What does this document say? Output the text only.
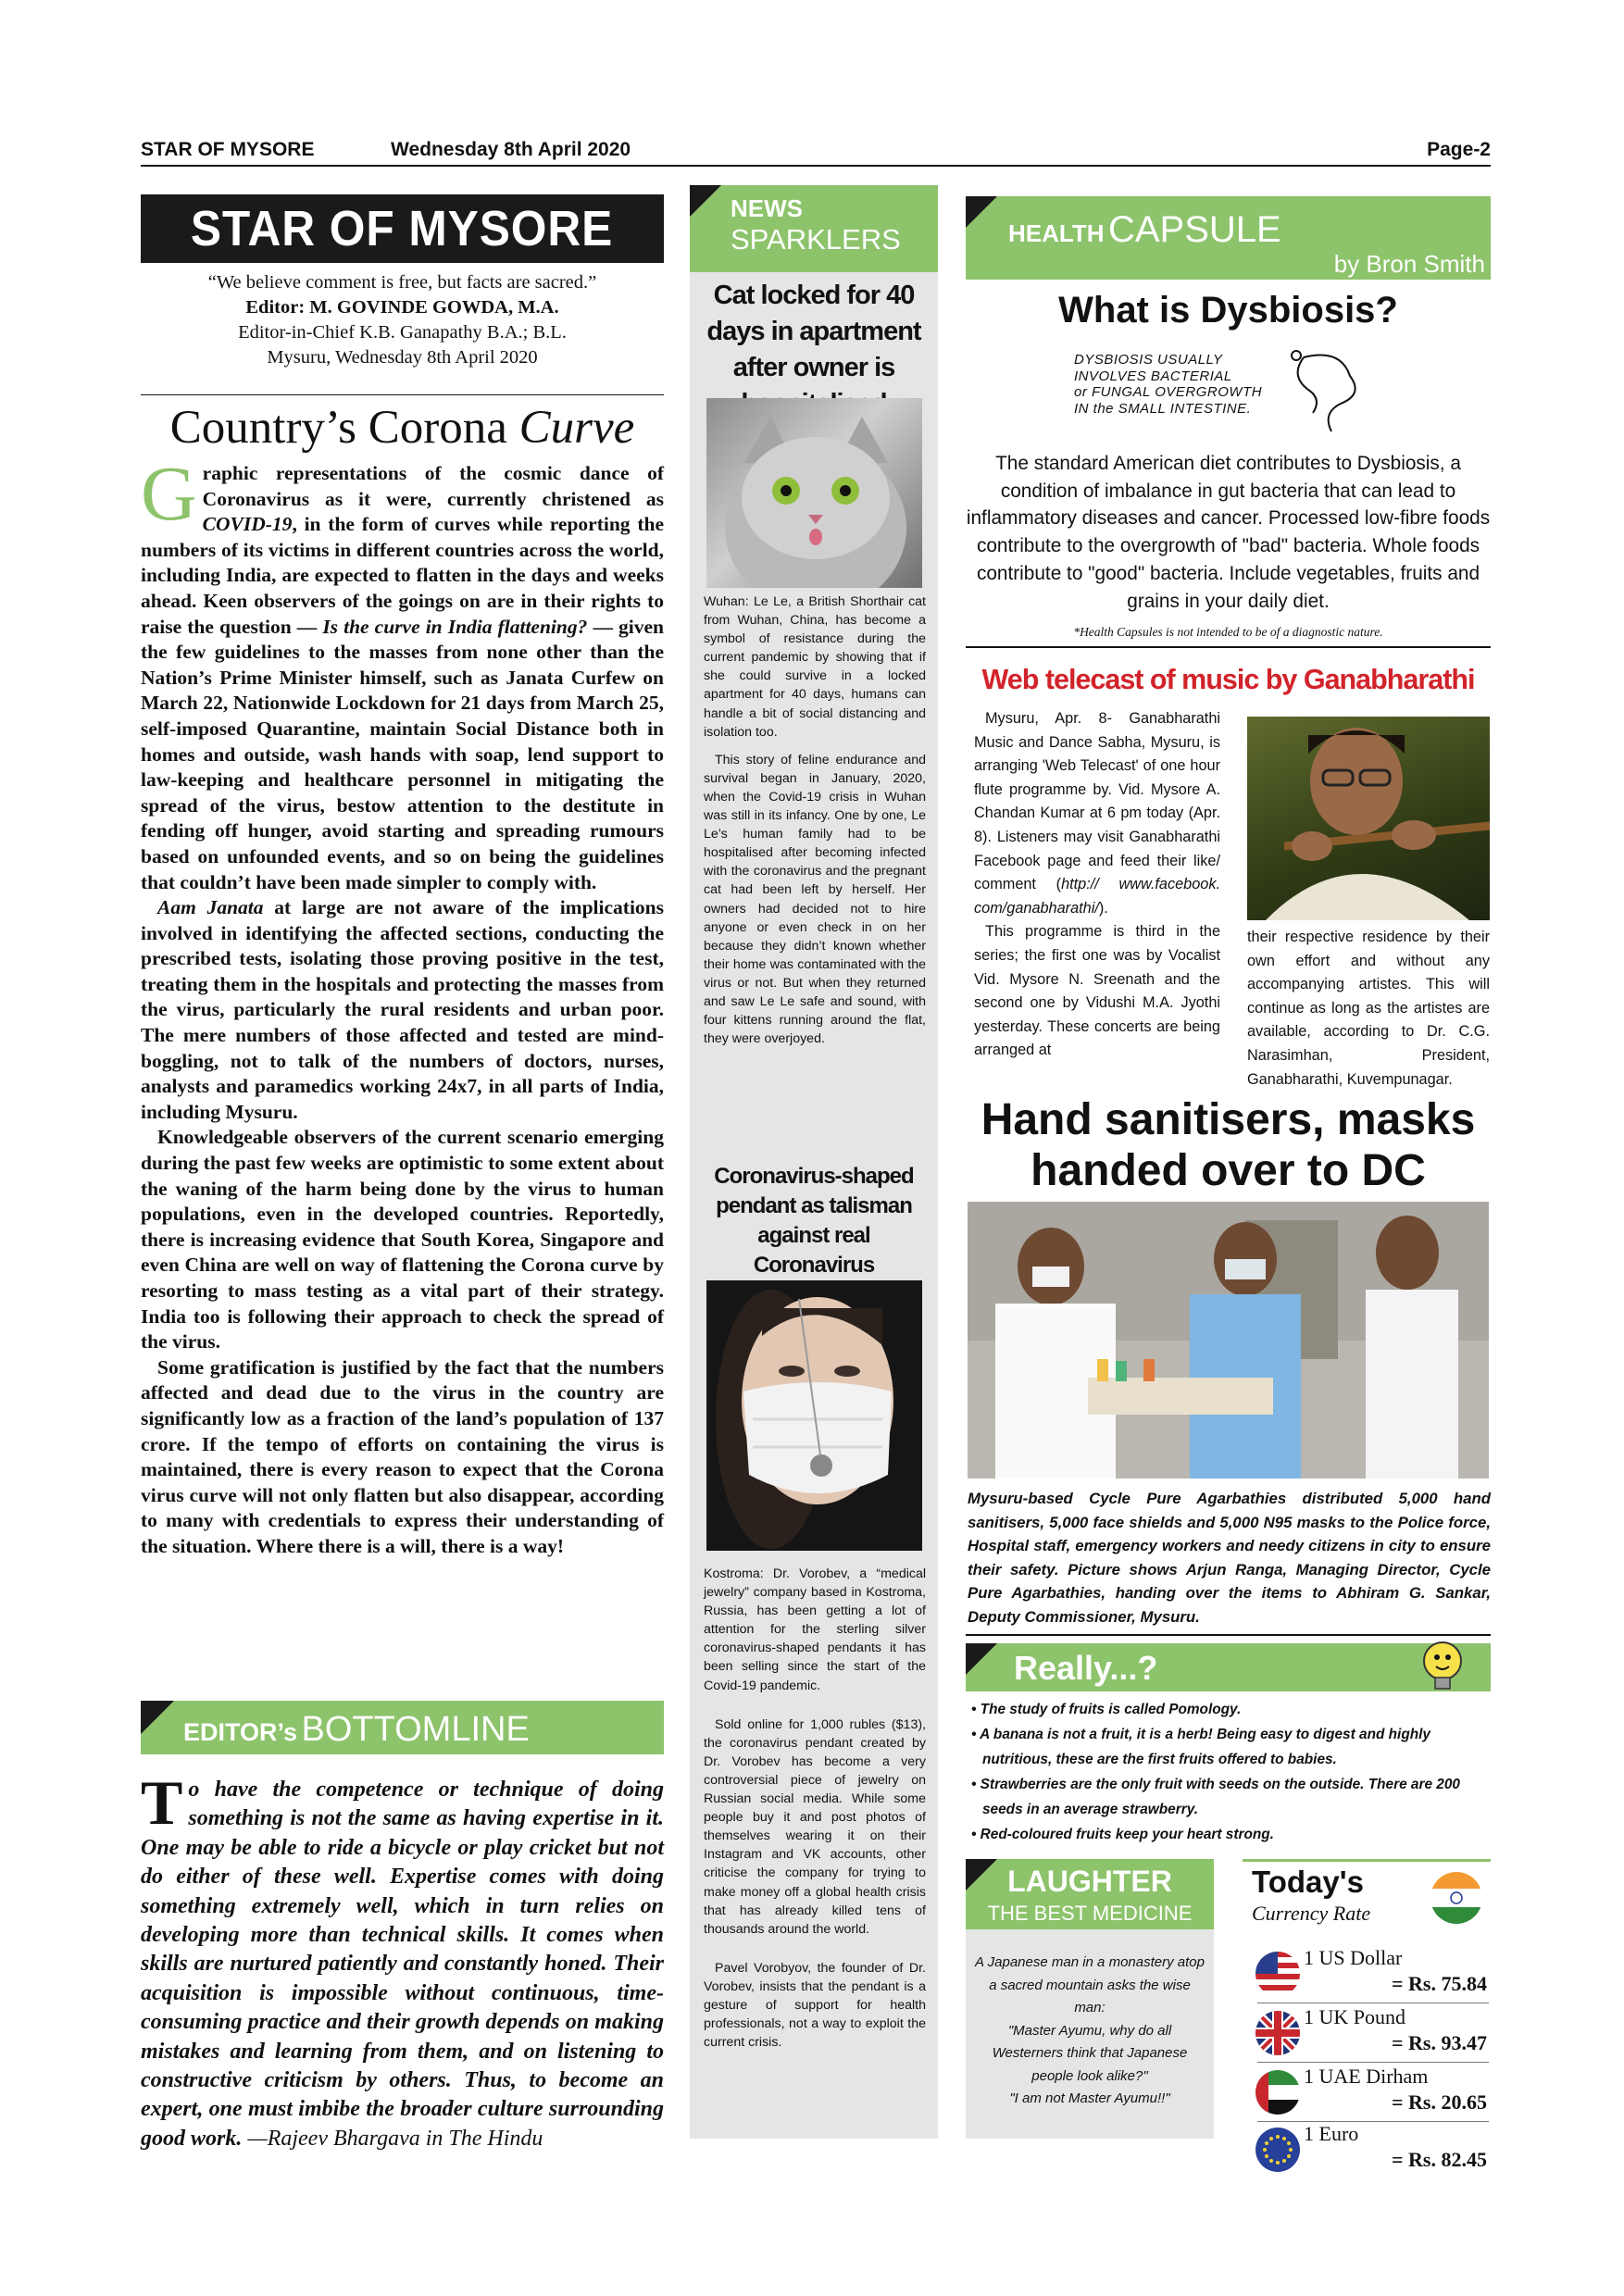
STAR OF MYSORE	Wednesday 8th April 2020	Page-2
STAR OF MYSORE
“We believe comment is free, but facts are sacred.”
Editor: M. GOVINDE GOWDA, M.A.
Editor-in-Chief K.B. Ganapathy B.A.; B.L.
Mysuru, Wednesday 8th April 2020
Country’s Corona Curve

Graphic representations of the cosmic dance of Coronavirus as it were, currently christened as COVID-19, in the form of curves while reporting the numbers of its victims in different countries across the world, including India, are expected to flatten in the days and weeks ahead. Keen observers of the goings on are in their rights to raise the question — Is the curve in India flattening? — given the few guidelines to the masses from none other than the Nation’s Prime Minister himself, such as Janata Curfew on March 22, Nationwide Lockdown for 21 days from March 25, self-imposed Quarantine, maintain Social Distance both in homes and outside, wash hands with soap, lend support to law-keeping and healthcare personnel in mitigating the spread of the virus, bestow attention to the destitute in fending off hunger, avoid starting and spreading rumours based on unfounded events, and so on being the guidelines that couldn’t have been made simpler to comply with.

Aam Janata at large are not aware of the implications involved in identifying the affected sections, conducting the prescribed tests, isolating those proving positive in the test, treating them in the hospitals and protecting the masses from the virus, particularly the rural residents and urban poor. The mere numbers of those affected and tested are mind-boggling, not to talk of the numbers of doctors, nurses, analysts and paramedics working 24x7, in all parts of India, including Mysuru.

Knowledgeable observers of the current scenario emerging during the past few weeks are optimistic to some extent about the waning of the harm being done by the virus to human populations, even in the developed countries. Reportedly, there is increasing evidence that South Korea, Singapore and even China are well on way of flattening the Corona curve by resorting to mass testing as a vital part of their strategy. India too is following their approach to check the spread of the virus.

Some gratification is justified by the fact that the numbers affected and dead due to the virus in the country are significantly low as a fraction of the land’s population of 137 crore. If the tempo of efforts on containing the virus is maintained, there is every reason to expect that the Corona virus curve will not only flatten but also disappear, according to many with credentials to express their understanding of the situation. Where there is a will, there is a way!

EDITOR’s BOTTOMLINE
To have the competence or technique of doing something is not the same as having expertise in it. One may be able to ride a bicycle or play cricket but not do either of these well. Expertise comes with doing something extremely well, which in turn relies on developing more than technical skills. It comes when skills are nurtured patiently and constantly honed. Their acquisition is impossible without continuous, time-consuming practice and their growth depends on making mistakes and learning from them, and on listening to constructive criticism by others. Thus, to become an expert, one must imbibe the broader culture surrounding good work. —Rajeev Bhargava in The Hindu
NEWS
SPARKLERS
Cat locked for 40 days in apartment after owner is

Wuhan: Le Le, a British Shorthair cat from Wuhan, China, has become a symbol of resistance during the current pandemic by showing that if she could survive in a locked apartment for 40 days, humans can handle a bit of social distancing and isolation too.

This story of feline endurance and survival began in January, 2020, when the Covid-19 crisis in Wuhan was still in its infancy. One by one, Le Le’s human family had to be hospitalised after becoming infected with the coronavirus and the pregnant cat had been left by herself. Her owners had decided not to hire anyone or even check in on her because they didn’t known whether their home was contaminated with the virus or not. But when they returned and saw Le Le safe and sound, with four kittens running around the flat, they were overjoyed.

Coronavirus-shaped pendant as talisman against real Coronavirus

Kostroma: Dr. Vorobev, a “medical jewelry” company based in Kostroma, Russia, has been getting a lot of attention for the sterling silver coronavirus-shaped pendants it has been selling since the start of the Covid-19 pandemic.

Sold online for 1,000 rubles ($13), the coronavirus pendant created by Dr. Vorobev has become a very controversial piece of jewelry on Russian social media. While some people buy it and post photos of themselves wearing it on their Instagram and VK accounts, other criticise the company for trying to make money off a global health crisis that has already killed tens of thousands around the world.

Pavel Vorobyov, the founder of Dr. Vorobev, insists that the pendant is a gesture of support for health professionals, not a way to exploit the current crisis.

HEALTH CAPSULE
by Bron Smith
What is Dysbiosis?
DYSBIOSIS USUALLY
INVOLVES BACTERIAL
or FUNGAL OVERGROWTH
IN the SMALL INTESTINE.
The standard American diet contributes to Dysbiosis, a condition of imbalance in gut bacteria that can lead to inflammatory diseases and cancer. Processed low-fibre foods contribute to the overgrowth of "bad" bacteria. Whole foods contribute to "good" bacteria. Include vegetables, fruits and grains in your daily diet.
*Health Capsules is not intended to be of a diagnostic nature.
Web telecast of music by Ganabharathi

Mysuru, Apr. 8- Ganabharathi Music and Dance Sabha, Mysuru, is arranging 'Web Telecast' of one hour flute programme by. Vid. Mysore A. Chandan Kumar at 6 pm today (Apr. 8). Listeners may visit Ganabharathi Facebook page and feed their like/ comment (http:// www.facebook. com/ganabharathi/).

This programme is third in the series; the first one was by Vocalist Vid. Mysore N. Sreenath and the second one by Vidushi M.A. Jyothi yesterday. These concerts are being arranged at

their respective residence by their own effort and without any accompanying artistes. This will continue as long as the artistes are available, according to Dr. C.G. Narasimhan, President, Ganabharathi, Kuvempunagar.

Hand sanitisers, masks handed over to DC
Mysuru-based Cycle Pure Agarbathies distributed 5,000 hand sanitisers, 5,000 face shields and 5,000 N95 masks to the Police force, Hospital staff, emergency workers and needy citizens in city to ensure their safety. Picture shows Arjun Ranga, Managing Director, Cycle Pure Agarbathies, handing over the items to Abhiram G. Sankar, Deputy Commissioner, Mysuru.
Really...?
• The study of fruits is called Pomology.
• A banana is not a fruit, it is a herb! Being easy to digest and highly nutritious, these are the first fruits offered to babies.
• Strawberries are the only fruit with seeds on the outside. There are 200 seeds in an average strawberry.
• Red-coloured fruits keep your heart strong.
LAUGHTER
THE BEST MEDICINE
A Japanese man in a monastery atop a sacred mountain asks the wise man:
"Master Ayumu, why do all Westerners think that Japanese people look alike?"
"I am not Master Ayumu!!"
Today's
Currency Rate
1 US Dollar
= Rs. 75.84
1 UK Pound
= Rs. 93.47
1 UAE Dirham
= Rs. 20.65
1 Euro
= Rs. 82.45
